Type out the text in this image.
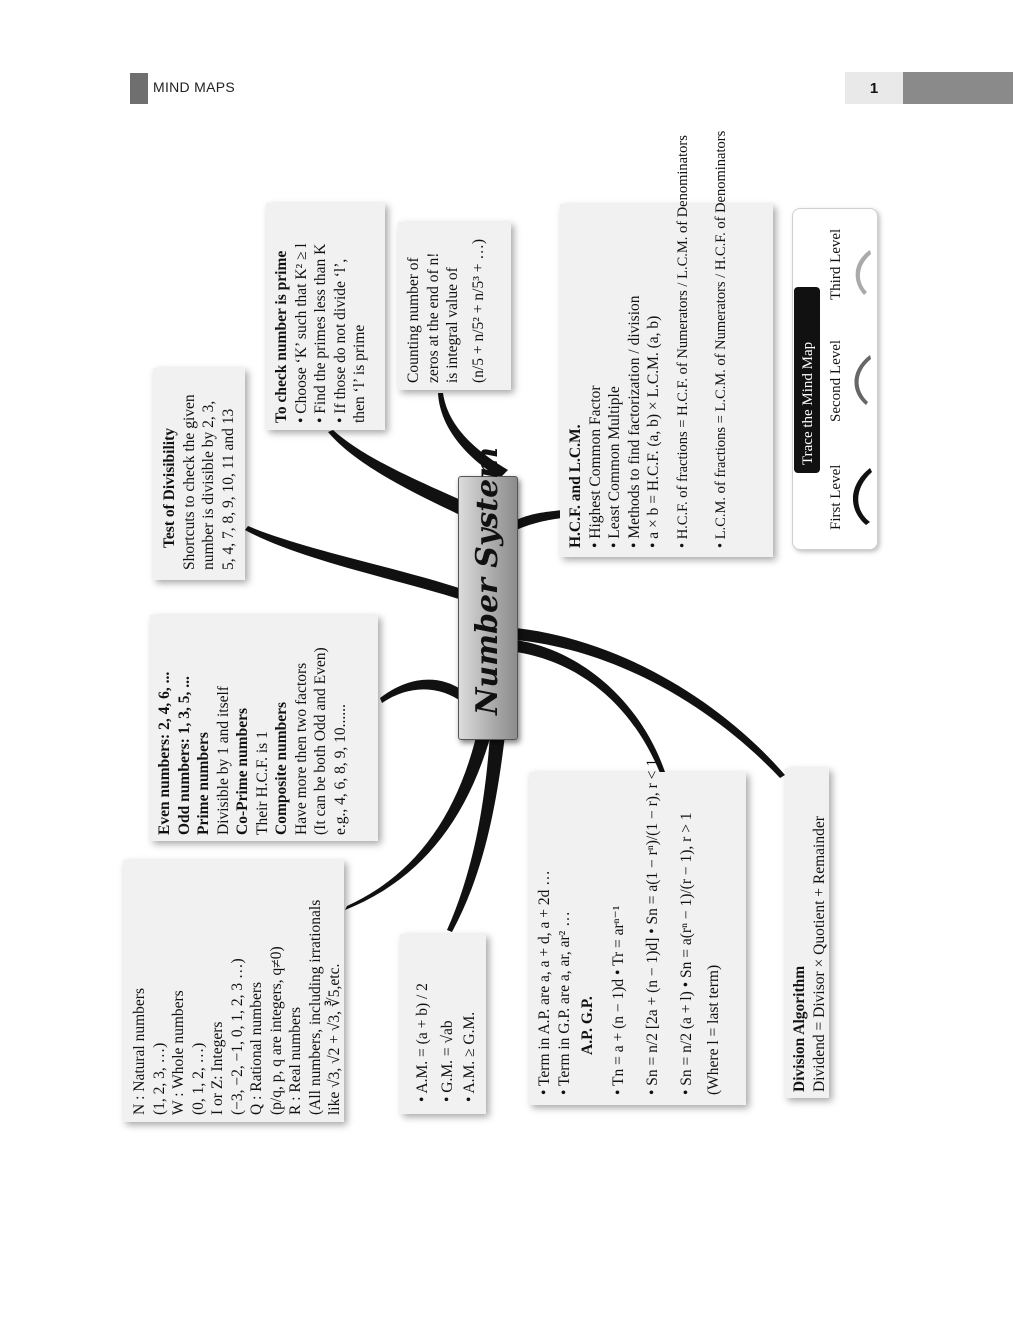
MIND MAPS	1

N : Natural numbers (1, 2, 3, …) W : Whole numbers (0, 1, 2, …) I or Z: Integers (−3, −2, −1, 0, 1, 2, 3 …) Q : Rational numbers (p/q, p, q are integers, q≠0) R : Real numbers (All numbers, including irrationals like √3, √2 + √3, ∛5,etc.

Even numbers: 2, 4, 6, ... Odd numbers: 1, 3, 5, ... Prime numbers Divisible by 1 and itself Co-Prime numbers Their H.C.F. is 1 Composite numbers Have more then two factors (It can be both Odd and Even) e.g., 4, 6, 8, 9, 10......

Test of Divisibility Shortcuts to check the given number is divisible by 2, 3, 5, 4, 7, 8, 9, 10, 11 and 13

To check number is prime • Choose ‘K’ such that K² ≥ l • Find the primes less than K • If those do not divide ‘l’, then ‘l’ is prime Counting number of zeros at the end of n! is integral value of (n/5 + n/5² + n/5³ + …)

H.C.F. and L.C.M. • Highest Common Factor • Least Common Multiple • Methods to find factorization / division • a × b = H.C.F. (a, b) × L.C.M. (a, b) • H.C.F. of fractions = H.C.F. of Numerators / L.C.M. of Denominators	• L.C.M. of fractions = L.C.M. of Numerators / H.C.F. of Denominators

• A.M. = (a + b) / 2 • G.M. = √ab • A.M. ≥ G.M.	• Term in A.P. are a, a + d, a + 2d … • Term in G.P. are a, ar, ar² … A.P. G.P. • Tn = a + (n − 1)d • Tr = arⁿ⁻¹	• Sn = n/2 [2a + (n − 1)d] • Sn = a(1 − rⁿ)/(1 − r), r < 1	• Sn = n/2 (a + l) • Sn = a(rⁿ − 1)/(r − 1), r > 1 (Where l = last term)	Division Algorithm Dividend = Divisor × Quotient + Remainder

Number System
Trace the Mind Map
First Level
Second Level
Third Level
